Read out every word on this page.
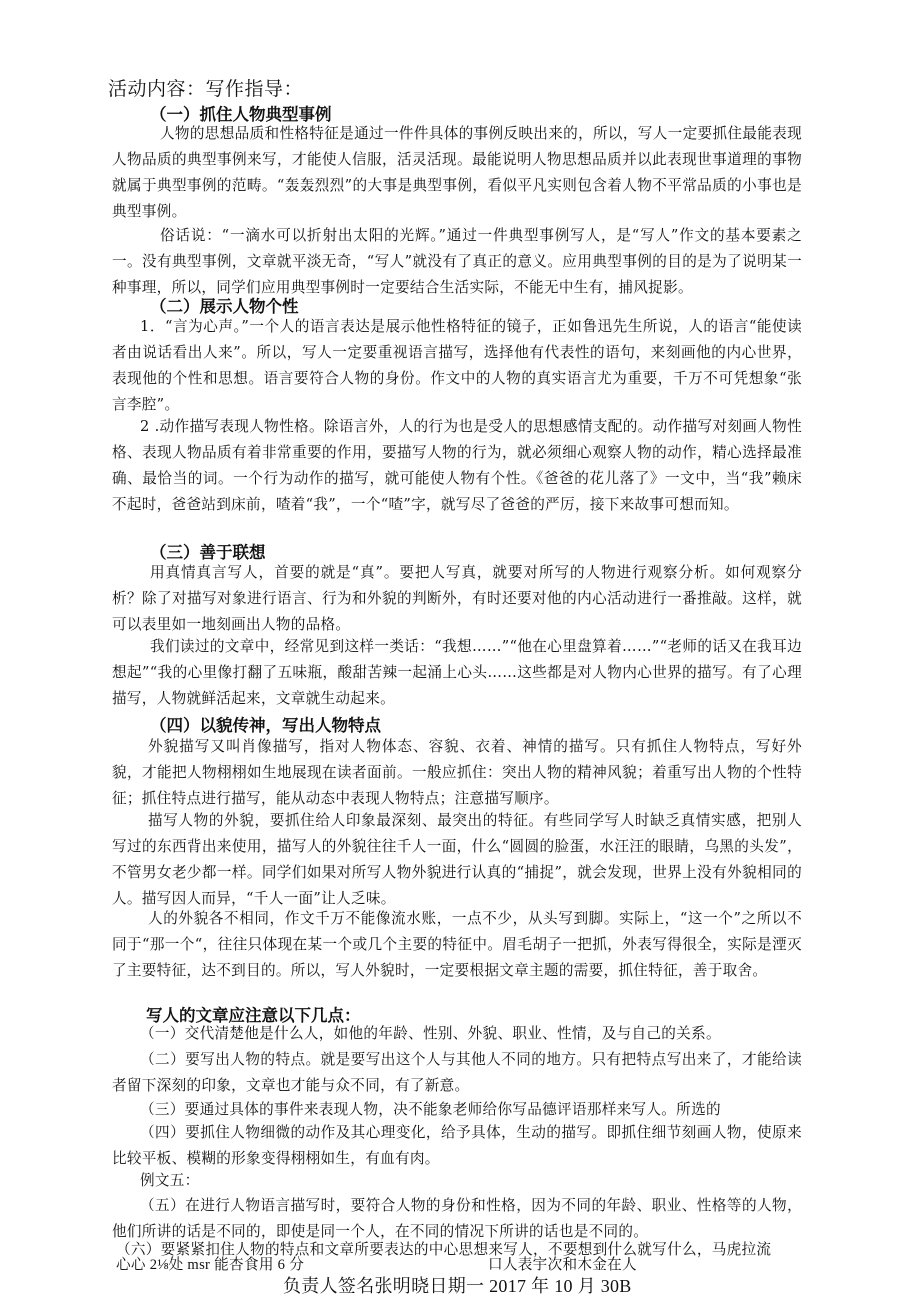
活动内容：写作指导：
（一）抓住人物典型事例
人物的思想品质和性格特征是通过一件件具体的事例反映出来的，所以，写人一定要抓住最能表现人物品质的典型事例来写，才能使人信服，活灵活现。最能说明人物思想品质并以此表现世事道理的事物就属于典型事例的范畴。“轰轰烈烈”的大事是典型事例，看似平凡实则包含着人物不平常品质的小事也是典型事例。
俗话说：“一滴水可以折射出太阳的光辉。”通过一件典型事例写人，是“写人”作文的基本要素之一。没有典型事例，文章就平淡无奇，“写人”就没有了真正的意义。应用典型事例的目的是为了说明某一种事理，所以，同学们应用典型事例时一定要结合生活实际，不能无中生有，捕风捉影。
（二）展示人物个性
1．“言为心声。”一个人的语言表达是展示他性格特征的镜子，正如鲁迅先生所说，人的语言“能使读者由说话看出人来”。所以，写人一定要重视语言描写，选择他有代表性的语句，来刻画他的内心世界，表现他的个性和思想。语言要符合人物的身份。作文中的人物的真实语言尤为重要，千万不可凭想象“张言李腔”。
2 .动作描写表现人物性格。除语言外，人的行为也是受人的思想感情支配的。动作描写对刻画人物性格、表现人物品质有着非常重要的作用，要描写人物的行为，就必须细心观察人物的动作，精心选择最准确、最恰当的词。一个行为动作的描写，就可能使人物有个性。《爸爸的花儿落了》一文中，当“我”赖床不起时，爸爸站到床前，喳着“我”，一个“喳”字，就写尽了爸爸的严厉，接下来故事可想而知。
（三）善于联想
用真情真言写人，首要的就是“真”。要把人写真，就要对所写的人物进行观察分析。如何观察分析？除了对描写对象进行语言、行为和外貌的判断外，有时还要对他的内心活动进行一番推敲。这样，就可以表里如一地刻画出人物的品格。
我们读过的文章中，经常见到这样一类话：“我想……”“他在心里盘算着……”“老师的话又在我耳边想起”“我的心里像打翻了五味瓶，酸甜苦辣一起涌上心头……这些都是对人物内心世界的描写。有了心理描写，人物就鲜活起来，文章就生动起来。
（四）以貌传神，写出人物特点
外貌描写又叫肖像描写，指对人物体态、容貌、衣着、神情的描写。只有抓住人物特点，写好外貌，才能把人物栩栩如生地展现在读者面前。一般应抓住：突出人物的精神风貌；着重写出人物的个性特征；抓住特点进行描写，能从动态中表现人物特点；注意描写顺序。
描写人物的外貌，要抓住给人印象最深刻、最突出的特征。有些同学写人时缺乏真情实感，把别人写过的东西背出来使用，描写人的外貌往往千人一面，什么“圆圆的脸蛋，水汪汪的眼睛，乌黑的头发”，不管男女老少都一样。同学们如果对所写人物外貌进行认真的“捕捉”，就会发现，世界上没有外貌相同的人。描写因人而异，“千人一面”让人乏味。
人的外貌各不相同，作文千万不能像流水账，一点不少，从头写到脚。实际上，“这一个”之所以不同于“那一个“，往往只体现在某一个或几个主要的特征中。眉毛胡子一把抓，外表写得很全，实际是湮灭了主要特征，达不到目的。所以，写人外貌时，一定要根据文章主题的需要，抓住特征，善于取舍。
写人的文章应注意以下几点：
（一）交代清楚他是什么人，如他的年龄、性别、外貌、职业、性情，及与自己的关系。
（二）要写出人物的特点。就是要写出这个人与其他人不同的地方。只有把特点写出来了，才能给读者留下深刻的印象，文章也才能与众不同，有了新意。
（三）要通过具体的事件来表现人物，决不能象老师给你写品德评语那样来写人。所选的
（四）要抓住人物细微的动作及其心理变化，给予具体，生动的描写。即抓住细节刻画人物，使原来比较平板、模糊的形象变得栩栩如生，有血有肉。
例文五：
（五）在进行人物语言描写时，要符合人物的身份和性格，因为不同的年龄、职业、性格等的人物，他们所讲的话是不同的，即使是同一个人，在不同的情况下所讲的话也是不同的。
（六）要紧紧扣住人物的特点和文章所要表达的中心思想来写人，不要想到什么就写什么，马虎拉流
心心 2⅛处 msr 能杏食用 6 分	口人表宇次和木金在人
负责人签名张明晓日期一 2017 年 10 月 30B
